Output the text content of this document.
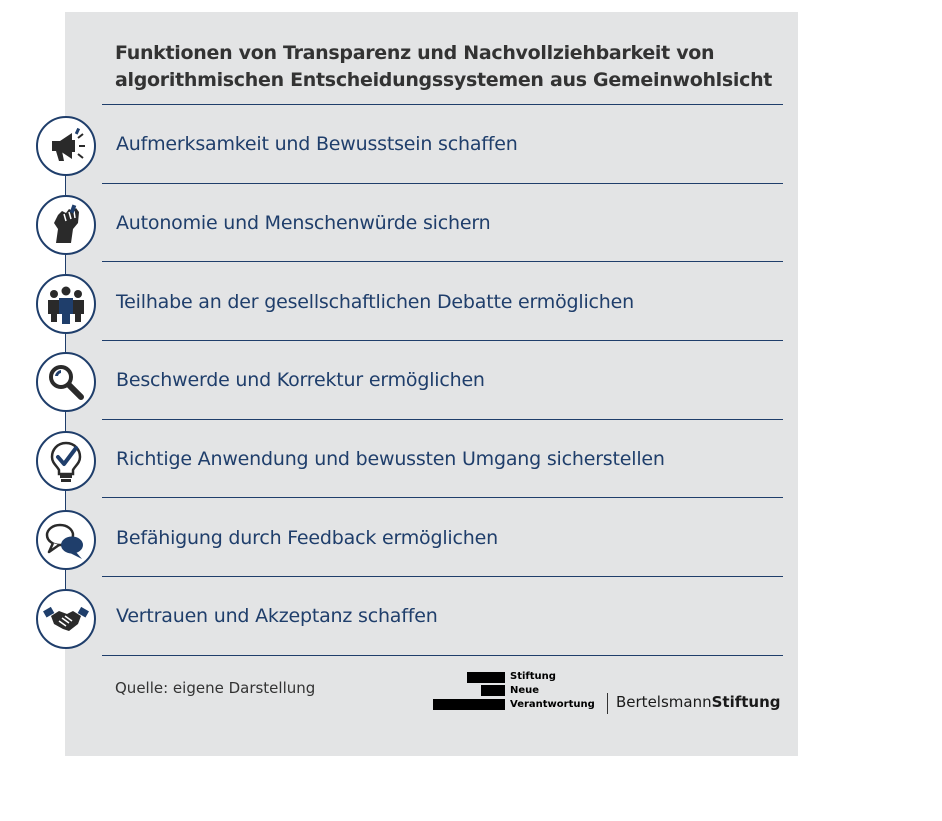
Funktionen von Transparenz und Nachvollziehbarkeit von
algorithmischen Entscheidungssystemen aus Gemeinwohlsicht
Aufmerksamkeit und Bewusstsein schaffen
Autonomie und Menschenwürde sichern
Teilhabe an der gesellschaftlichen Debatte ermöglichen
Beschwerde und Korrektur ermöglichen
Richtige Anwendung und bewussten Umgang sicherstellen
Befähigung durch Feedback ermöglichen
Vertrauen und Akzeptanz schaffen
Quelle: eigene Darstellung
Stiftung
Neue
Verantwortung BertelsmannStiftung
